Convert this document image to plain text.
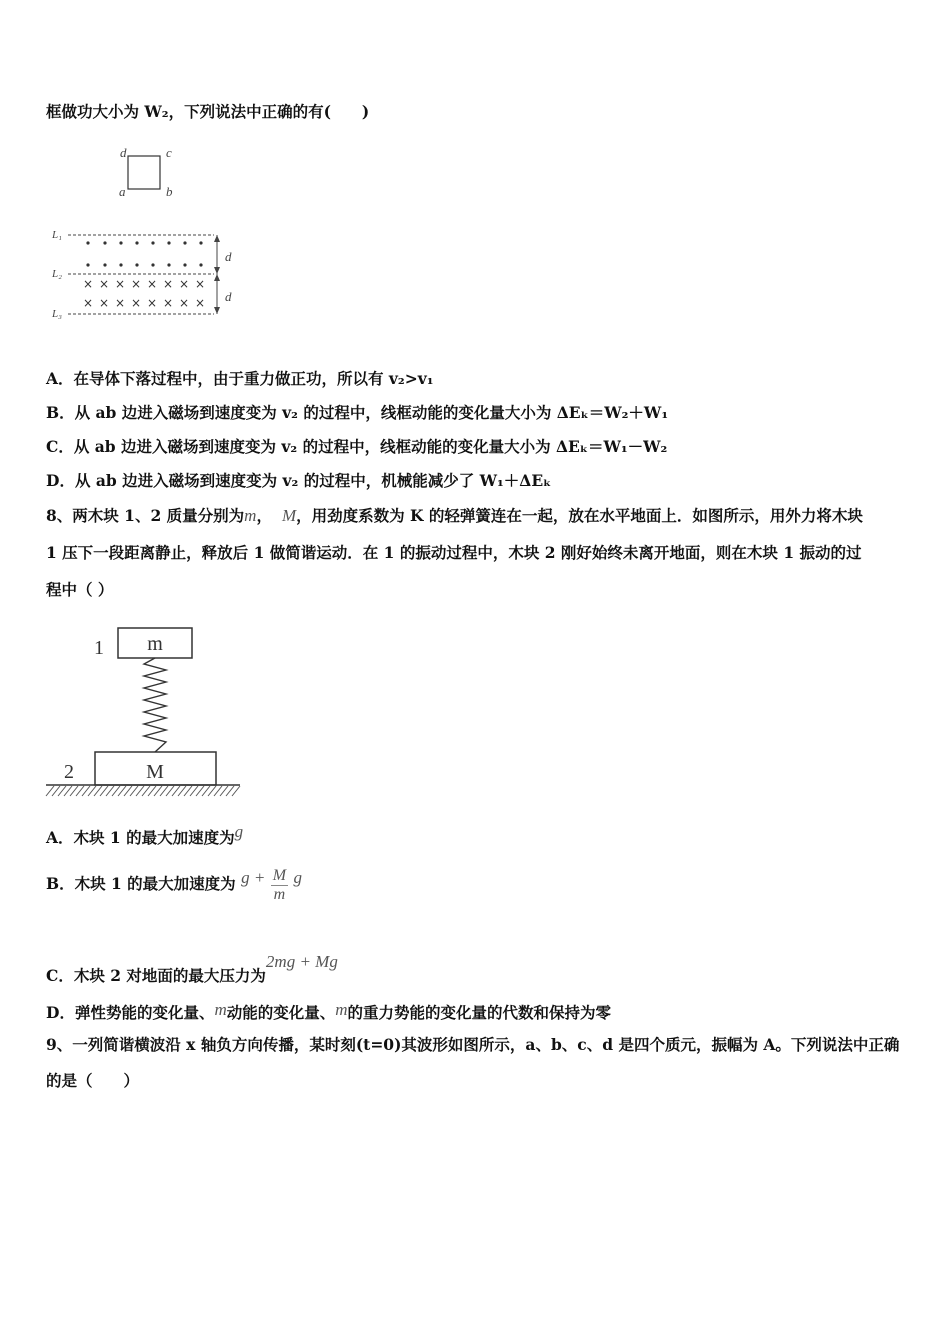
框做功大小为 W₂，下列说法中正确的有(　　)
d	c
a	b
L₁
L₂
L₃
× × × × × × × ×
× × × × × × × ×
d
d
A．在导体下落过程中，由于重力做正功，所以有 v₂>v₁
B．从 ab 边进入磁场到速度变为 v₂ 的过程中，线框动能的变化量大小为 ΔEₖ＝W₂＋W₁
C．从 ab 边进入磁场到速度变为 v₂ 的过程中，线框动能的变化量大小为 ΔEₖ＝W₁－W₂
D．从 ab 边进入磁场到速度变为 v₂ 的过程中，机械能减少了 W₁＋ΔEₖ
8、两木块 1、2 质量分别为m， M，用劲度系数为 K 的轻弹簧连在一起，放在水平地面上．如图所示，用外力将木块
1 压下一段距离静止，释放后 1 做简谐运动．在 1 的振动过程中，木块 2 刚好始终未离开地面，则在木块 1 振动的过
程中（ ）
1 m
2	M
A．木块 1 的最大加速度为g
B．木块 1 的最大加速度为 $g + \frac{M}{m}$ g
C．木块 2 对地面的最大压力为2mg + Mg
D．弹性势能的变化量、m动能的变化量、m的重力势能的变化量的代数和保持为零
9、一列简谐横波沿 x 轴负方向传播，某时刻(t=0)其波形如图所示，a、b、c、d 是四个质元，振幅为 A。下列说法中正确
的是（　　）
